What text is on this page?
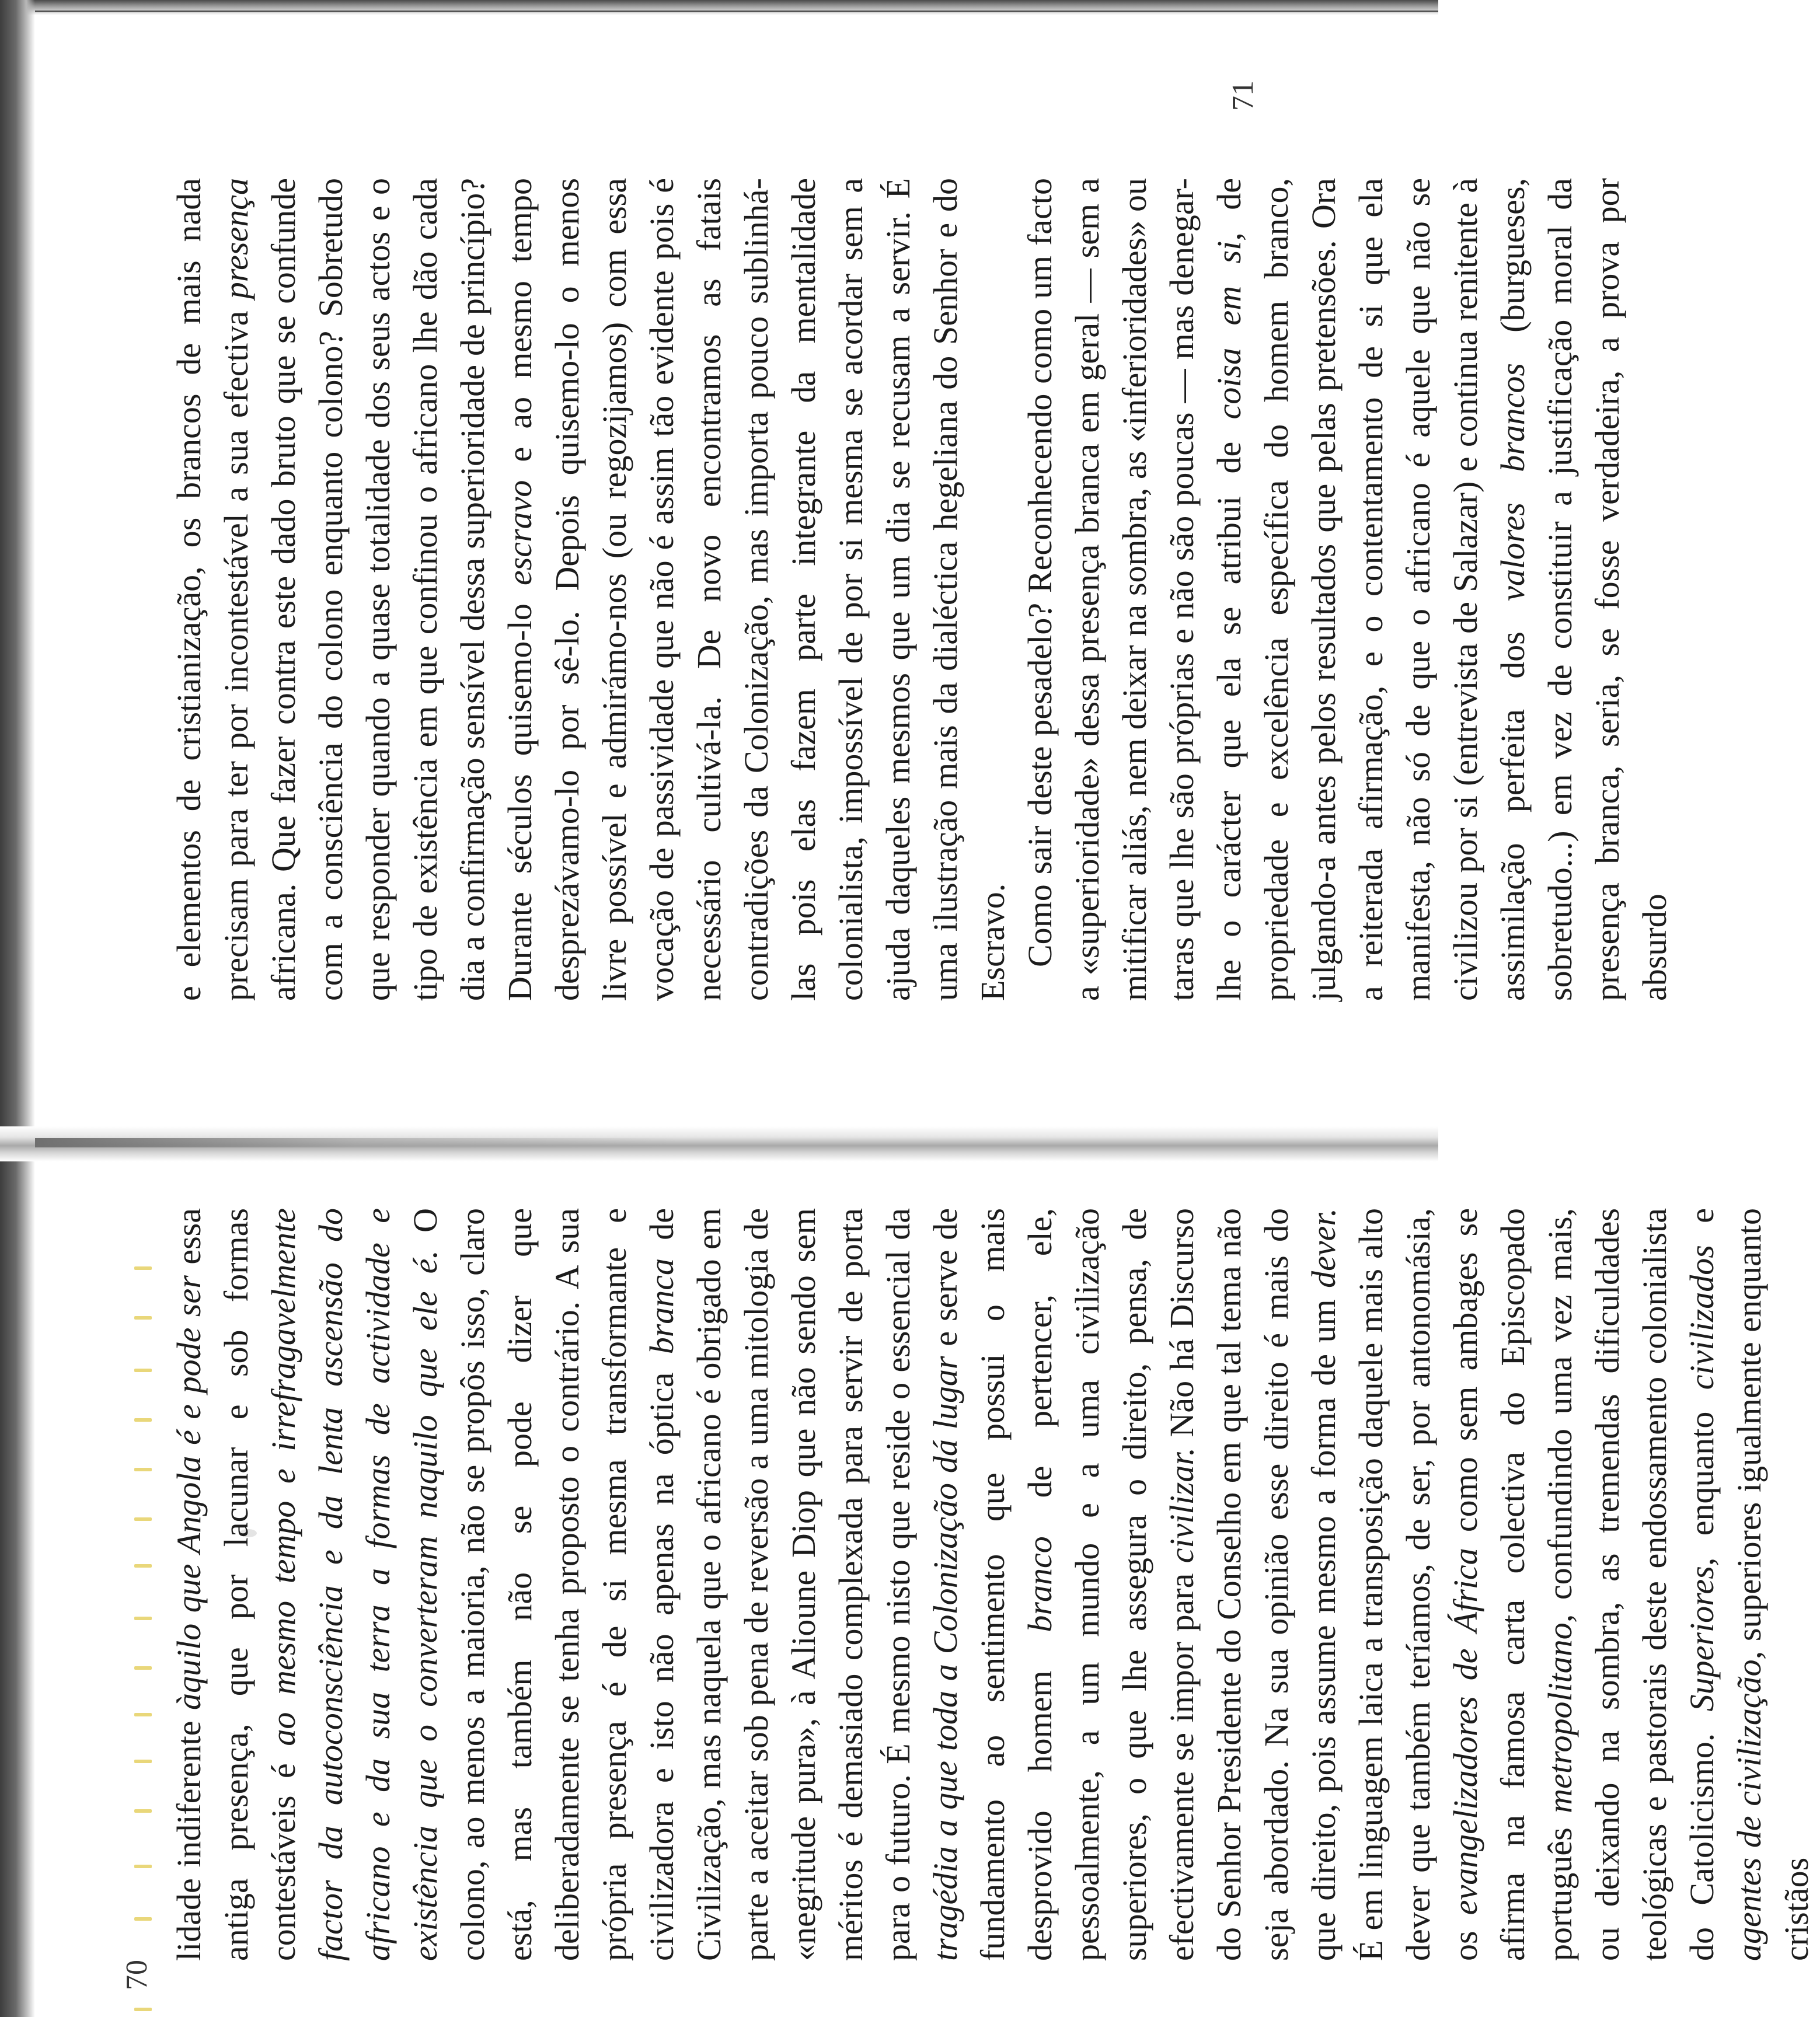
lidade indiferente àquilo que Angola é e pode ser essa antiga presença, que por lacunar e sob formas contestáveis é ao mesmo tempo e irrefragavelmente factor da autoconsciência e da lenta ascensão do africano e da sua terra a formas de actividade e existência que o converteram naquilo que ele é. O colono, ao menos a maioria, não se propôs isso, claro está, mas também não se pode dizer que deliberadamente se tenha proposto o contrário. A sua própria presença é de si mesma transformante e civilizadora e isto não apenas na óptica branca de Civilização, mas naquela que o africano é obrigado em parte a aceitar sob pena de reversão a uma mitologia de «negritude pura», à Alioune Diop que não sendo sem méritos é demasiado complexada para servir de porta para o futuro. É mesmo nisto que reside o essencial da tragédia a que toda a Colonização dá lugar e serve de fundamento ao sentimento que possui o mais desprovido homem branco de pertencer, ele, pessoalmente, a um mundo e a uma civilização superiores, o que lhe assegura o direito, pensa, de efectivamente se impor para civilizar. Não há Discurso do Senhor Presidente do Conselho em que tal tema não seja abordado. Na sua opinião esse direito é mais do que direito, pois assume mesmo a forma de um dever. É em linguagem laica a transposição daquele mais alto dever que também teríamos, de ser, por antonomásia, os evangelizadores de África como sem ambages se afirma na famosa carta colectiva do Episcopado português metropolitano, confundindo uma vez mais, ou deixando na sombra, as tremendas dificuldades teológicas e pastorais deste endossamento colonialista do Catolicismo. Superiores, enquanto civilizados e agentes de civilização, superiores igualmente enquanto cristãos

70

e elementos de cristianização, os brancos de mais nada precisam para ter por incontestável a sua efectiva presença africana. Que fazer contra este dado bruto que se confunde com a consciência do colono enquanto colono? Sobretudo que responder quando a quase totalidade dos seus actos e o tipo de existência em que confinou o africano lhe dão cada dia a confirmação sensível dessa superioridade de princípio? Durante séculos quisemo-lo escravo e ao mesmo tempo desprezávamo-lo por sê-lo. Depois quisemo-lo o menos livre possível e admirámo-nos (ou regozijamos) com essa vocação de passividade que não é assim tão evidente pois é necessário cultivá-la. De novo encontramos as fatais contradições da Colonização, mas importa pouco sublinhá-las pois elas fazem parte integrante da mentalidade colonialista, impossível de por si mesma se acordar sem a ajuda daqueles mesmos que um dia se recusam a servir. É uma ilustração mais da dialéctica hegeliana do Senhor e do Escravo. Como sair deste pesadelo? Reconhecendo como um facto a «superioridade» dessa presença branca em geral — sem a mitificar aliás, nem deixar na sombra, as «inferioridades» ou taras que lhe são próprias e não são poucas — mas denegar-lhe o carácter que ela se atribui de coisa em si, de propriedade e excelência específica do homem branco, julgando-a antes pelos resultados que pelas pretensões. Ora a reiterada afirmação, e o contentamento de si que ela manifesta, não só de que o africano é aquele que não se civilizou por si (entrevista de Salazar) e continua renitente à assimilação perfeita dos valores brancos (burgueses, sobretudo...) em vez de constituir a justificação moral da presença branca, seria, se fosse verdadeira, a prova por absurdo

71
